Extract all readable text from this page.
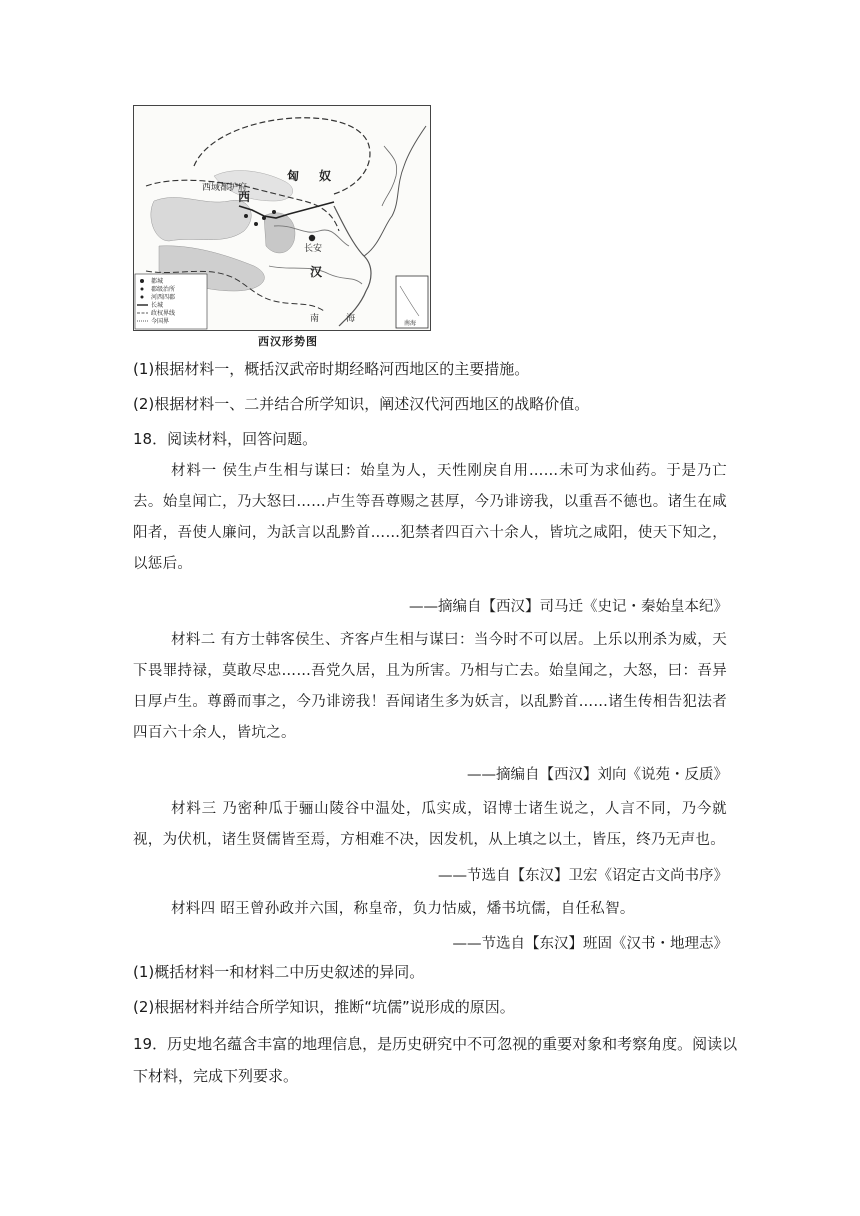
匈 奴
西
汉
西域都护府
长安
南	海	南海
都城
郡级治所
河西四郡
长城
政权界线
今国界
西汉形势图
(1)根据材料一，概括汉武帝时期经略河西地区的主要措施。
(2)根据材料一、二并结合所学知识，阐述汉代河西地区的战略价值。
18．阅读材料，回答问题。
材料一 侯生卢生相与谋曰：始皇为人，天性刚戾自用……未可为求仙药。于是乃亡去。始皇闻亡，乃大怒曰……卢生等吾尊赐之甚厚，今乃诽谤我，以重吾不德也。诸生在咸阳者，吾使人廉问，为訞言以乱黔首……犯禁者四百六十余人，皆坑之咸阳，使天下知之，以惩后。
——摘编自【西汉】司马迁《史记・秦始皇本纪》
材料二 有方士韩客侯生、齐客卢生相与谋曰：当今时不可以居。上乐以刑杀为威，天下畏罪持禄，莫敢尽忠……吾党久居，且为所害。乃相与亡去。始皇闻之，大怒，曰：吾异日厚卢生。尊爵而事之，今乃诽谤我！吾闻诸生多为妖言，以乱黔首……诸生传相告犯法者四百六十余人，皆坑之。
——摘编自【西汉】刘向《说苑・反质》
材料三 乃密种瓜于骊山陵谷中温处，瓜实成，诏博士诸生说之，人言不同，乃今就视，为伏机，诸生贤儒皆至焉，方相难不决，因发机，从上填之以土，皆压，终乃无声也。
——节选自【东汉】卫宏《诏定古文尚书序》
材料四 昭王曾孙政并六国，称皇帝，负力怙威，燔书坑儒，自任私智。
——节选自【东汉】班固《汉书・地理志》
(1)概括材料一和材料二中历史叙述的异同。
(2)根据材料并结合所学知识，推断“坑儒”说形成的原因。
19．历史地名蕴含丰富的地理信息，是历史研究中不可忽视的重要对象和考察角度。阅读以
下材料，完成下列要求。
